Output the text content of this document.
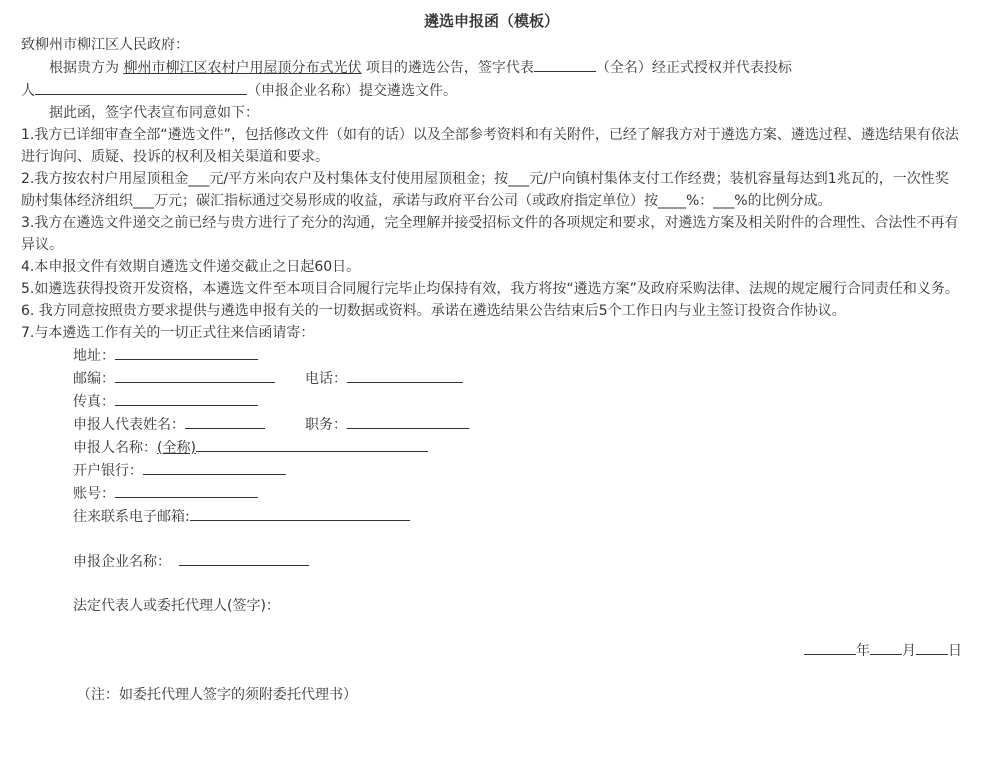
遴选申报函（模板）
致柳州市柳江区人民政府：
根据贵方为 柳州市柳江区农村户用屋顶分布式光伏 项目的遴选公告，签字代表	（全名）经正式授权并代表投标
人	（申报企业名称）提交遴选文件。
据此函，签字代表宣布同意如下：
1.我方已详细审查全部“遴选文件”，包括修改文件（如有的话）以及全部参考资料和有关附件，已经了解我方对于遴选方案、遴选过程、遴选结果有依法进行询问、质疑、投诉的权利及相关渠道和要求。
2.我方按农村户用屋顶租金___元/平方米向农户及村集体支付使用屋顶租金；按___元/户向镇村集体支付工作经费；装机容量每达到1兆瓦的，一次性奖励村集体经济组织___万元；碳汇指标通过交易形成的收益，承诺与政府平台公司（或政府指定单位）按____%：___%的比例分成。
3.我方在遴选文件递交之前已经与贵方进行了充分的沟通，完全理解并接受招标文件的各项规定和要求，对遴选方案及相关附件的合理性、合法性不再有异议。
4.本申报文件有效期自遴选文件递交截止之日起60日。
5.如遴选获得投资开发资格，本遴选文件至本项目合同履行完毕止均保持有效，我方将按“遴选方案”及政府采购法律、法规的规定履行合同责任和义务。
6. 我方同意按照贵方要求提供与遴选申报有关的一切数据或资料。承诺在遴选结果公告结束后5个工作日内与业主签订投资合作协议。
7.与本遴选工作有关的一切正式往来信函请寄：
地址：
邮编：	电话：
传真：
申报人代表姓名：	职务：
申报人名称：(全称)
开户银行：
账号：
往来联系电子邮箱:
申报企业名称：
法定代表人或委托代理人(签字)：
年 月 日
（注：如委托代理人签字的须附委托代理书）
